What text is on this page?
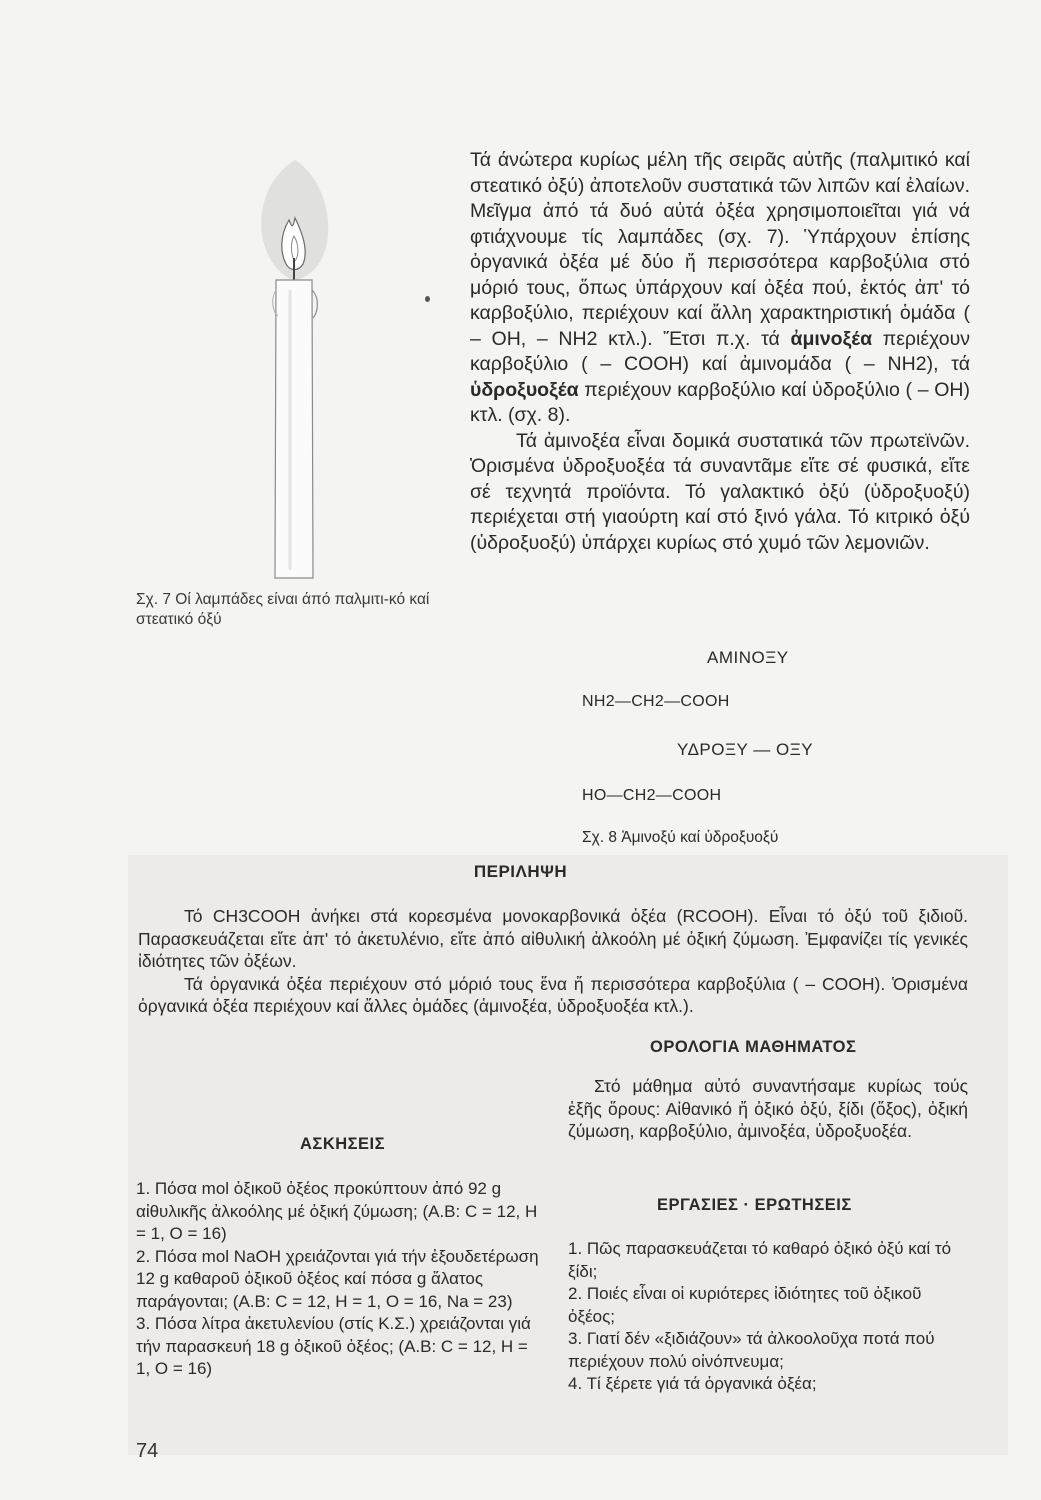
Σχ. 7 Οί λαμπάδες είναι άπό παλμιτι-κό καί στεατικό όξύ

Τά άνώτερα κυρίως μέλη τῆς σειρᾶς αὐτῆς (παλμιτικό καί στεατικό ὀξύ) ἀποτελοῦν συστατικά τῶν λιπῶν καί ἐλαίων. Μεῖγμα ἀπό τά δυό αὐτά ὀξέα χρησιμοποιεῖται γιά νά φτιάχνουμε τίς λαμπάδες (σχ. 7). Ὑπάρχουν ἐπίσης ὀργανικά ὀξέα μέ δύο ἤ περισσότερα καρβοξύλια στό μόριό τους, ὅπως ὑπάρχουν καί ὀξέα πού, ἐκτός ἀπ' τό καρβοξύλιο, περιέχουν καί ἄλλη χαρακτηριστική ὁμάδα ( – ΟΗ, – ΝΗ2 κτλ.). Ἔτσι π.χ. τά ἀμινοξέα περιέχουν καρβοξύλιο ( – COOH) καί ἀμινομάδα ( – ΝΗ2), τά ὑδροξυοξέα περιέχουν καρβοξύλιο καί ὑδροξύλιο ( – ΟΗ) κτλ. (σχ. 8).

Τά ἀμινοξέα εἶναι δομικά συστατικά τῶν πρωτεϊνῶν. Ὁρισμένα ὑδροξυοξέα τά συναντᾶμε εἴτε σέ φυσικά, εἴτε σέ τεχνητά προϊόντα. Τό γαλακτικό ὀξύ (ὑδροξυοξύ) περιέχεται στή γιαούρτη καί στό ξινό γάλα. Τό κιτρικό ὀξύ (ὑδροξυοξύ) ὑπάρχει κυρίως στό χυμό τῶν λεμονιῶν.

ΑΜΙΝΟΞΥ
NH2—CH2—COOH
ΥΔΡΟΞΥ — ΟΞΥ
HO—CH2—COOH
Σχ. 8 Ἀμινοξύ καί ὑδροξυοξύ
ΠΕΡΙΛΗΨΗ

Τό CH3COOH ἀνήκει στά κορεσμένα μονοκαρβονικά ὀξέα (RCOOH). Εἶναι τό ὀξύ τοῦ ξιδιοῦ. Παρασκευάζεται εἴτε ἀπ' τό ἀκετυλένιο, εἴτε ἀπό αἰθυλική ἀλκοόλη μέ ὀξική ζύμωση. Ἐμφανίζει τίς γενικές ἰδιότητες τῶν ὀξέων.

Τά ὀργανικά ὀξέα περιέχουν στό μόριό τους ἕνα ἤ περισσότερα καρβοξύλια ( – COOH). Ὁρισμένα ὀργανικά ὀξέα περιέχουν καί ἄλλες ὁμάδες (ἀμινοξέα, ὑδροξυοξέα κτλ.).

ΟΡΟΛΟΓΙΑ ΜΑΘΗΜΑΤΟΣ

Στό μάθημα αὐτό συναντήσαμε κυρίως τούς ἑξῆς ὅρους: Αἰθανικό ἤ ὀξικό ὀξύ, ξίδι (ὄξος), ὀξική ζύμωση, καρβοξύλιο, ἀμινοξέα, ὑδροξυοξέα.

ΑΣΚΗΣΕΙΣ
1. Πόσα mol ὀξικοῦ ὀξέος προκύπτουν ἀπό 92 g αἰθυλικῆς ἀλκοόλης μέ ὀξική ζύμωση; (Α.Β: C = 12, H = 1, O = 16)
2. Πόσα mol NaOH χρειάζονται γιά τήν ἐξουδετέρωση 12 g καθαροῦ ὀξικοῦ ὀξέος καί πόσα g ἅλατος παράγονται; (Α.Β: C = 12, H = 1, O = 16, Na = 23)
3. Πόσα λίτρα ἀκετυλενίου (στίς Κ.Σ.) χρειάζονται γιά τήν παρασκευή 18 g ὀξικοῦ ὀξέος; (Α.Β: C = 12, H = 1, O = 16)
ΕΡΓΑΣΙΕΣ · ΕΡΩΤΗΣΕΙΣ
1. Πῶς παρασκευάζεται τό καθαρό ὀξικό ὀξύ καί τό ξίδι;
2. Ποιές εἶναι οἱ κυριότερες ἰδιότητες τοῦ ὀξικοῦ ὀξέος;
3. Γιατί δέν «ξιδιάζουν» τά ἀλκοολοῦχα ποτά πού περιέχουν πολύ οἰνόπνευμα;
4. Τί ξέρετε γιά τά ὀργανικά ὀξέα;
74
